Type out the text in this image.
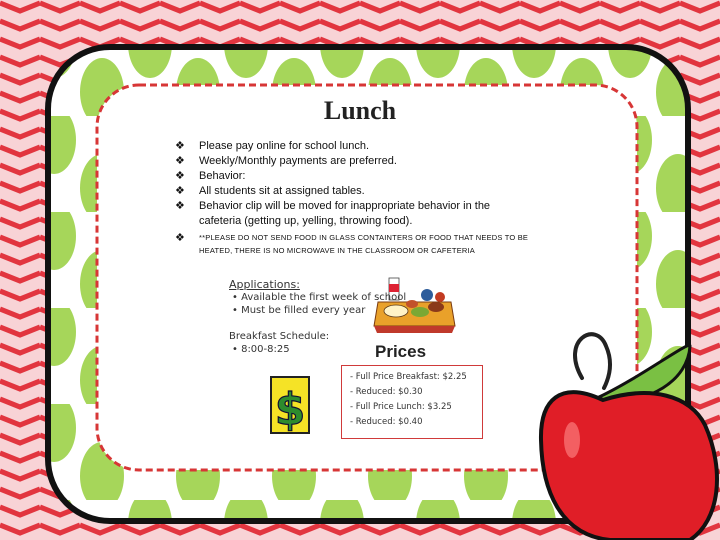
$
Lunch
❖ Please pay online for school lunch.
❖ Weekly/Monthly payments are preferred.
❖ Behavior:
❖ All students sit at assigned tables.
❖ Behavior clip will be moved for inappropriate behavior in the cafeteria (getting up, yelling, throwing food).
❖ **PLEASE DO NOT SEND FOOD IN GLASS CONTAINTERS OR FOOD THAT NEEDS TO BE HEATED, THERE IS NO MICROWAVE IN THE CLASSROOM OR CAFETERIA
Applications:
• Available the first week of school
• Must be filled every year
Breakfast Schedule:
• 8:00-8:25	Prices
- Full Price Breakfast: $2.25
- Reduced: $0.30
- Full Price Lunch: $3.25
- Reduced: $0.40
